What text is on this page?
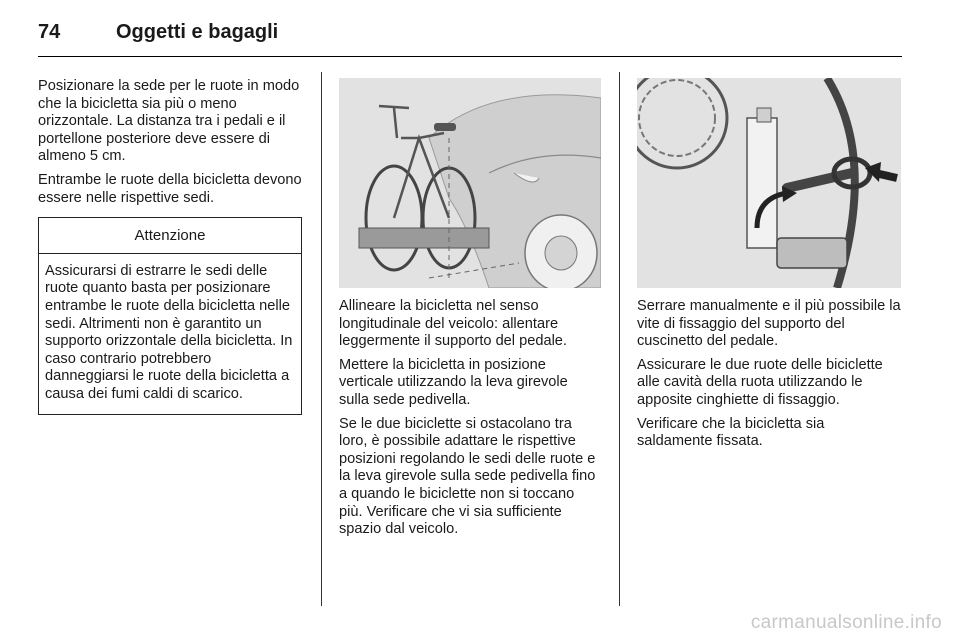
74	Oggetti e bagagli

Posizionare la sede per le ruote in modo che la bicicletta sia più o meno orizzontale. La distanza tra i pedali e il portellone posteriore deve essere di almeno 5 cm.

Entrambe le ruote della bicicletta devono essere nelle rispettive sedi.

Attenzione
Assicurarsi di estrarre le sedi delle ruote quanto basta per posizionare entrambe le ruote della bicicletta nelle sedi. Altrimenti non è garantito un supporto orizzontale della bicicletta. In caso contrario potrebbero danneggiarsi le ruote della bicicletta a causa dei fumi caldi di scarico.

Allineare la bicicletta nel senso longitudinale del veicolo: allentare leggermente il supporto del pedale.

Mettere la bicicletta in posizione verticale utilizzando la leva girevole sulla sede pedivella.

Se le due biciclette si ostacolano tra loro, è possibile adattare le rispettive posizioni regolando le sedi delle ruote e la leva girevole sulla sede pedivella fino a quando le biciclette non si toccano più. Verificare che vi sia sufficiente spazio dal veicolo.

Serrare manualmente e il più possibile la vite di fissaggio del supporto del cuscinetto del pedale.

Assicurare le due ruote delle biciclette alle cavità della ruota utilizzando le apposite cinghiette di fissaggio.

Verificare che la bicicletta sia saldamente fissata.

carmanualsonline.info
